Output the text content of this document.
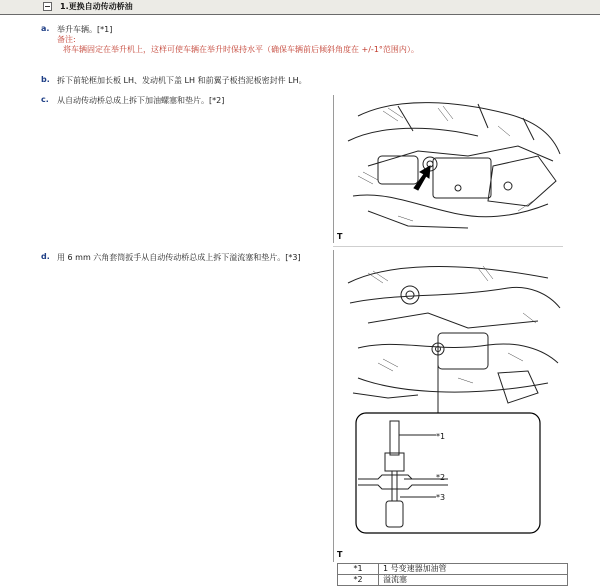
1.更换自动传动桥油
a. 举升车辆。[*1]
备注:
将车辆固定在举升机上，这样可使车辆在举升时保持水平（确保车辆前后倾斜角度在 +/-1°范围内）。
b. 拆下前轮框加长板 LH、发动机下盖 LH 和前翼子板挡泥板密封件 LH。
c. 从自动传动桥总成上拆下加油螺塞和垫片。[*2]
T
d. 用 6 mm 六角套筒扳手从自动传动桥总成上拆下溢流塞和垫片。[*3]
*1
*2
*3
T
*1	1 号变速器加油管
*2	溢流塞
